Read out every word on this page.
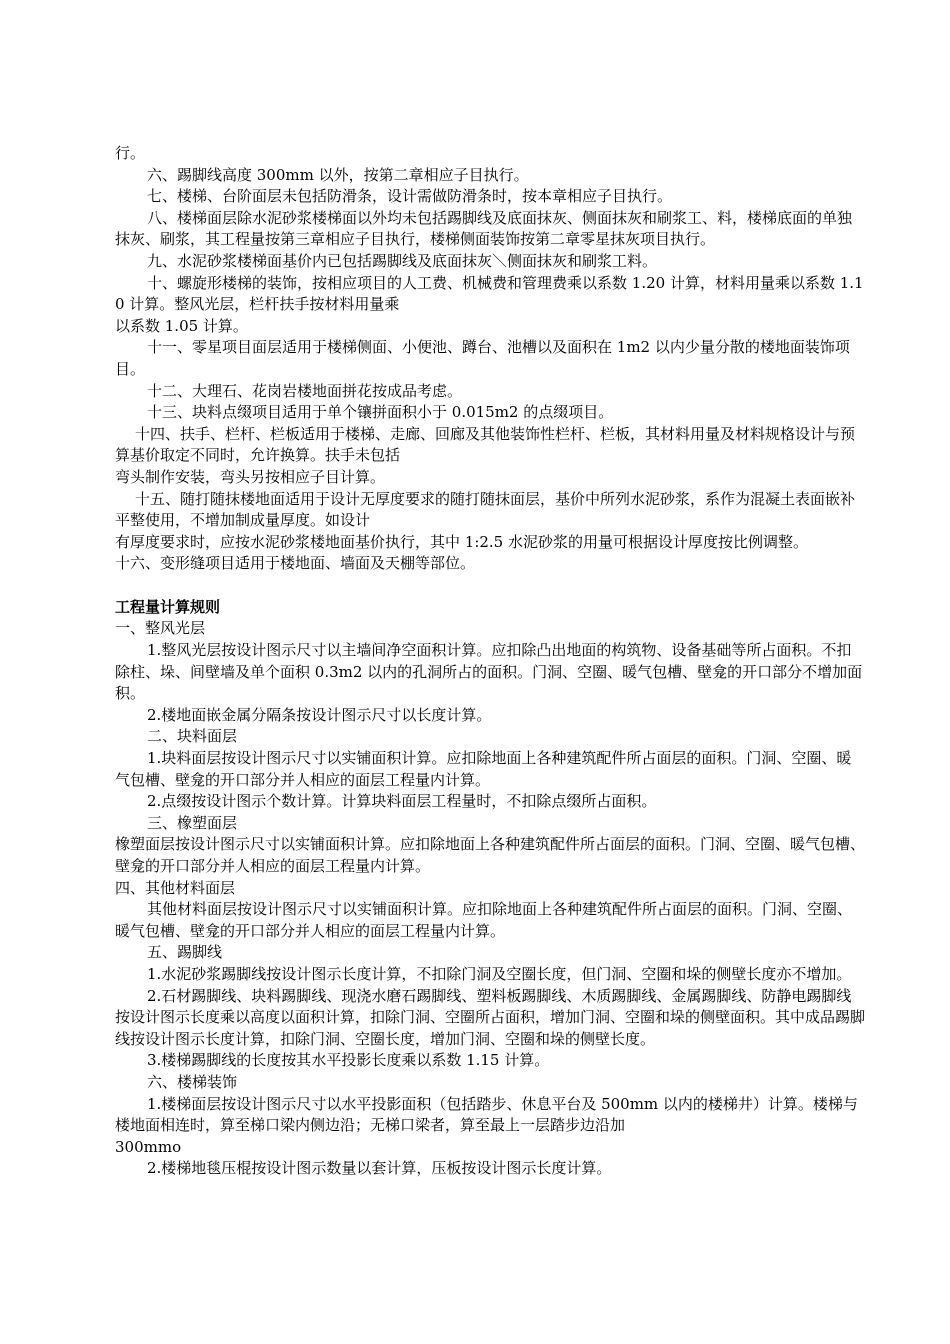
行。

六、踢脚线高度 300mm 以外，按第二章相应子目执行。

七、楼梯、台阶面层未包括防滑条，设计需做防滑条时，按本章相应子目执行。

八、楼梯面层除水泥砂浆楼梯面以外均未包括踢脚线及底面抹灰、侧面抹灰和刷浆工、料，楼梯底面的单独抹灰、刷浆，其工程量按第三章相应子目执行，楼梯侧面装饰按第二章零星抹灰项目执行。

九、水泥砂浆楼梯面基价内已包括踢脚线及底面抹灰＼侧面抹灰和刷浆工料。

十、螺旋形楼梯的装饰，按相应项目的人工费、机械费和管理费乘以系数 1.20 计算，材料用量乘以系数 1.10 计算。整风光层，栏杆扶手按材料用量乘

以系数 1.05 计算。

十一、零星项目面层适用于楼梯侧面、小便池、蹲台、池槽以及面积在 1m2 以内少量分散的楼地面装饰项目。

十二、大理石、花岗岩楼地面拼花按成品考虑。

十三、块料点缀项目适用于单个镶拼面积小于 0.015m2 的点缀项目。

十四、扶手、栏杆、栏板适用于楼梯、走廊、回廊及其他装饰性栏杆、栏板，其材料用量及材料规格设计与预算基价取定不同时，允许换算。扶手未包括

弯头制作安装，弯头另按相应子目计算。

十五、随打随抹楼地面适用于设计无厚度要求的随打随抹面层，基价中所列水泥砂浆，系作为混凝土表面嵌补平整使用，不增加制成量厚度。如设计

有厚度要求时，应按水泥砂浆楼地面基价执行，其中 1:2.5 水泥砂浆的用量可根据设计厚度按比例调整。

十六、变形缝项目适用于楼地面、墙面及天棚等部位。

工程量计算规则

一、整风光层

1.整风光层按设计图示尺寸以主墙间净空面积计算。应扣除凸出地面的构筑物、设备基础等所占面积。不扣除柱、垛、间壁墙及单个面积 0.3m2 以内的孔洞所占的面积。门洞、空圈、暖气包槽、壁龛的开口部分不增加面积。

2.楼地面嵌金属分隔条按设计图示尺寸以长度计算。

二、块料面层

1.块料面层按设计图示尺寸以实铺面积计算。应扣除地面上各种建筑配件所占面层的面积。门洞、空圈、暖气包槽、壁龛的开口部分并人相应的面层工程量内计算。

2.点缀按设计图示个数计算。计算块料面层工程量时，不扣除点缀所占面积。

三、橡塑面层

橡塑面层按设计图示尺寸以实铺面积计算。应扣除地面上各种建筑配件所占面层的面积。门洞、空圈、暖气包槽、壁龛的开口部分并人相应的面层工程量内计算。

四、其他材料面层

其他材料面层按设计图示尺寸以实铺面积计算。应扣除地面上各种建筑配件所占面层的面积。门洞、空圈、暖气包槽、壁龛的开口部分并人相应的面层工程量内计算。

五、踢脚线

1.水泥砂浆踢脚线按设计图示长度计算，不扣除门洞及空圈长度，但门洞、空圈和垛的侧壁长度亦不增加。

2.石材踢脚线、块料踢脚线、现浇水磨石踢脚线、塑料板踢脚线、木质踢脚线、金属踢脚线、防静电踢脚线按设计图示长度乘以高度以面积计算，扣除门洞、空圈所占面积，增加门洞、空圈和垛的侧壁面积。其中成品踢脚线按设计图示长度计算，扣除门洞、空圈长度，增加门洞、空圈和垛的侧壁长度。

3.楼梯踢脚线的长度按其水平投影长度乘以系数 1.15 计算。

六、楼梯装饰

1.楼梯面层按设计图示尺寸以水平投影面积（包括踏步、休息平台及 500mm 以内的楼梯井）计算。楼梯与楼地面相连时，算至梯口梁内侧边沿；无梯口梁者，算至最上一层踏步边沿加

300mmo

2.楼梯地毯压棍按设计图示数量以套计算，压板按设计图示长度计算。
